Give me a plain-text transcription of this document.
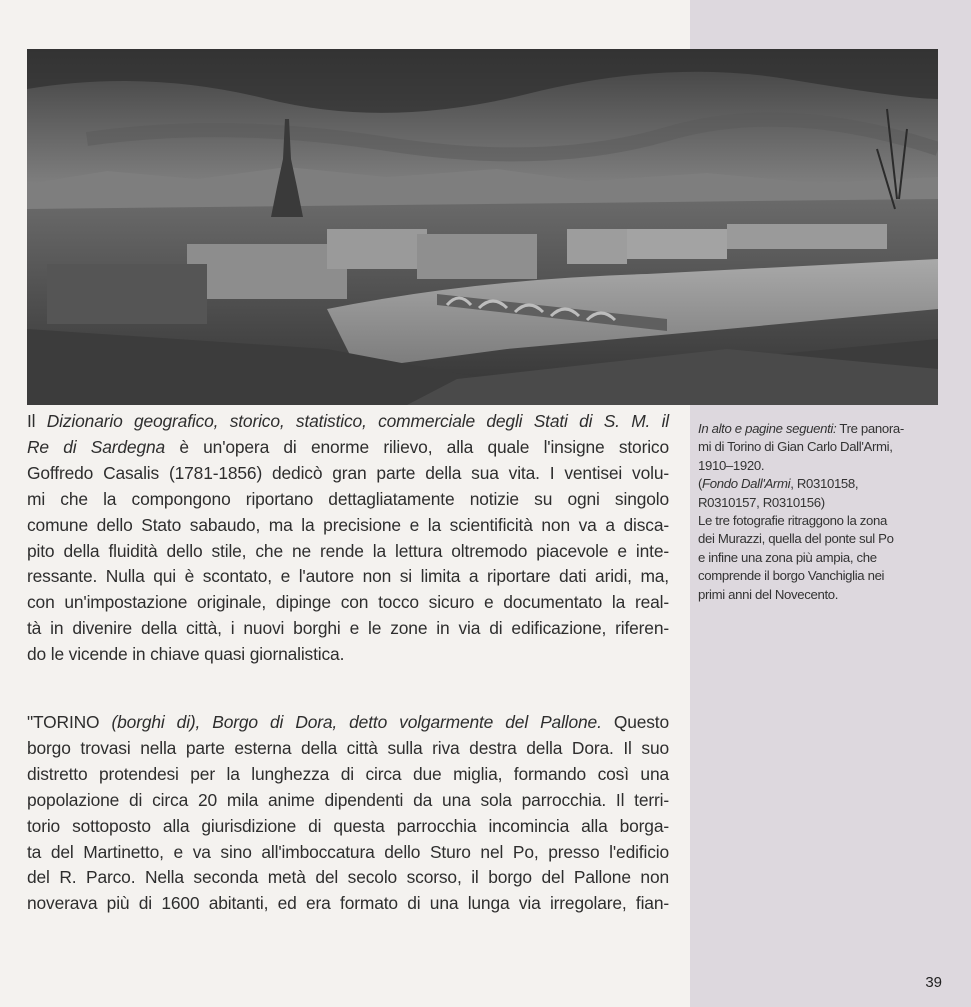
Il Dizionario geografico, storico, statistico, commerciale degli Stati di S. M. il
Re di Sardegna è un'opera di enorme rilievo, alla quale l'insigne storico
Goffredo Casalis (1781-1856) dedicò gran parte della sua vita. I ventisei volu-
mi che la compongono riportano dettagliatamente notizie su ogni singolo
comune dello Stato sabaudo, ma la precisione e la scientificità non va a disca-
pito della fluidità dello stile, che ne rende la lettura oltremodo piacevole e inte-
ressante. Nulla qui è scontato, e l'autore non si limita a riportare dati aridi, ma,
con un'impostazione originale, dipinge con tocco sicuro e documentato la real-
tà in divenire della città, i nuovi borghi e le zone in via di edificazione, riferen-
do le vicende in chiave quasi giornalistica.
"TORINO (borghi di), Borgo di Dora, detto volgarmente del Pallone. Questo
borgo trovasi nella parte esterna della città sulla riva destra della Dora. Il suo
distretto protendesi per la lunghezza di circa due miglia, formando così una
popolazione di circa 20 mila anime dipendenti da una sola parrocchia. Il terri-
torio sottoposto alla giurisdizione di questa parrocchia incomincia alla borga-
ta del Martinetto, e va sino all'imboccatura dello Sturo nel Po, presso l'edificio
del R. Parco. Nella seconda metà del secolo scorso, il borgo del Pallone non
noverava più di 1600 abitanti, ed era formato di una lunga via irregolare, fian-
In alto e pagine seguenti: Tre panora-
mi di Torino di Gian Carlo Dall'Armi,
1910–1920.
(Fondo Dall'Armi, R0310158,
R0310157, R0310156)
Le tre fotografie ritraggono la zona
dei Murazzi, quella del ponte sul Po
e infine una zona più ampia, che
comprende il borgo Vanchiglia nei
primi anni del Novecento.
39
